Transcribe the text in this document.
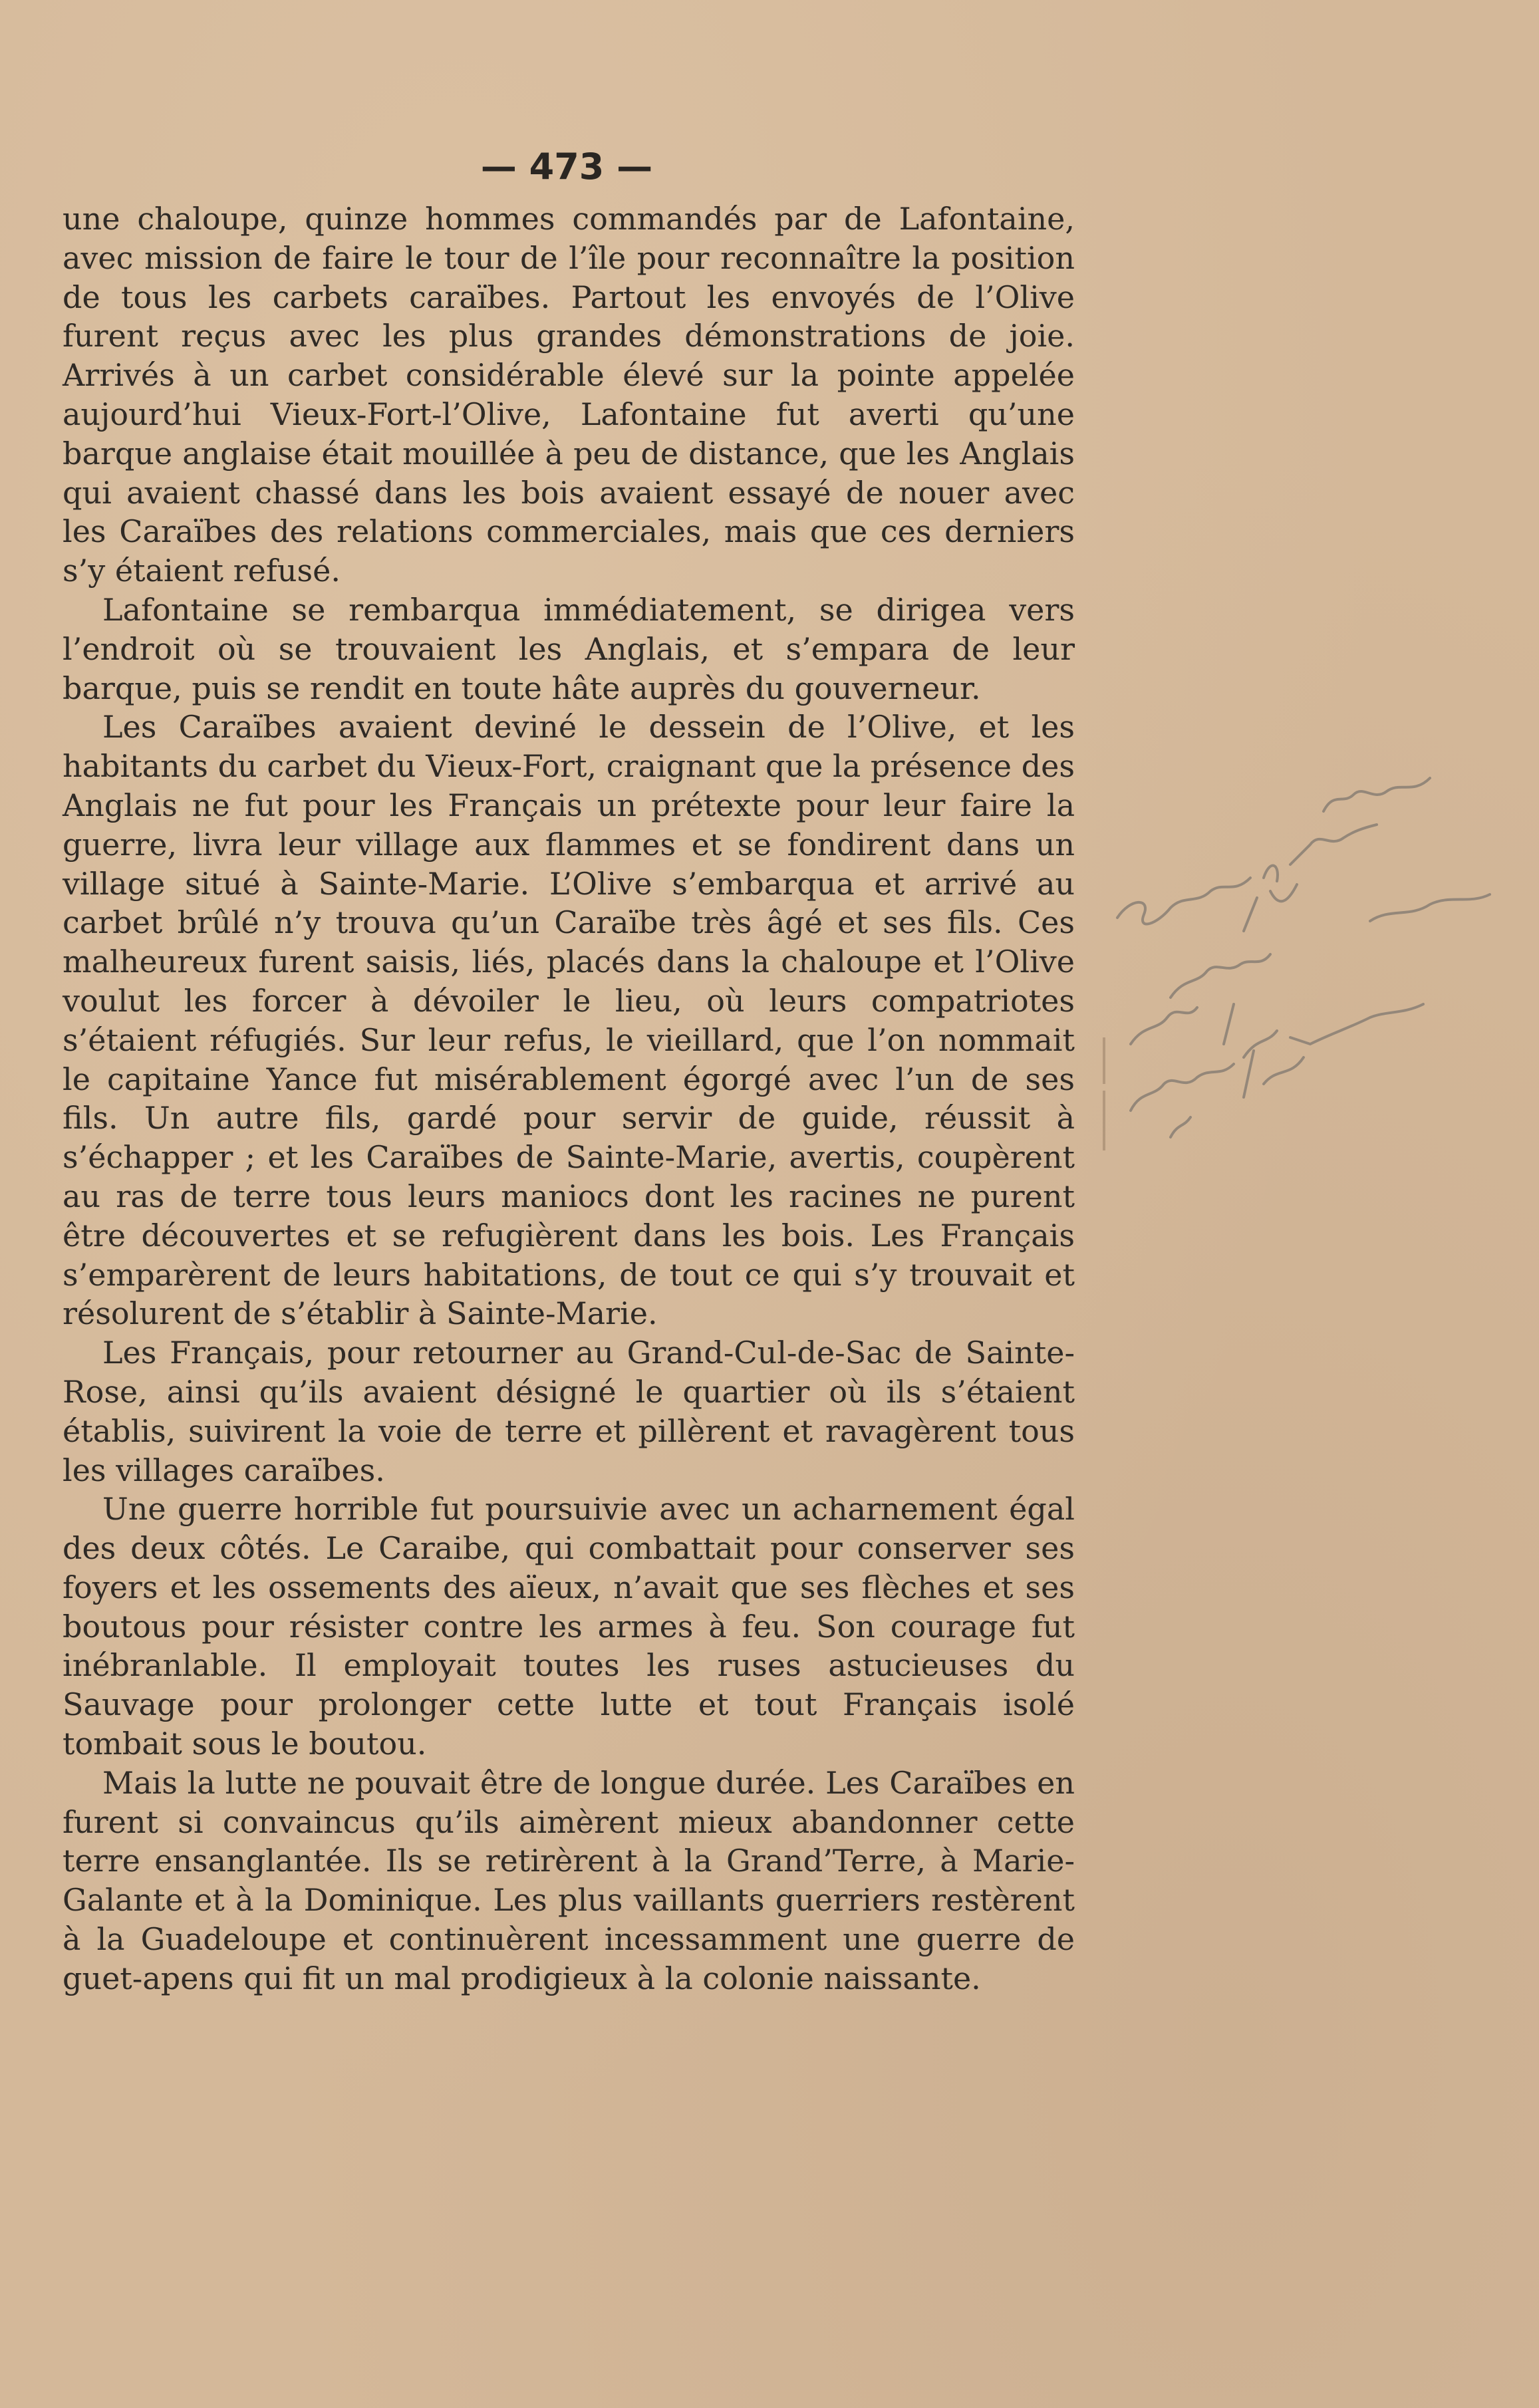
— 473 —

une chaloupe, quinze hommes commandés par de Lafontaine, avec mission de faire le tour de l’île pour reconnaître la position de tous les carbets caraïbes. Partout les envoyés de l’Olive furent reçus avec les plus grandes démonstrations de joie. Arrivés à un carbet considérable élevé sur la pointe appelée aujourd’hui Vieux-Fort-l’Olive, Lafontaine fut averti qu’une barque anglaise était mouillée à peu de distance, que les Anglais qui avaient chassé dans les bois avaient essayé de nouer avec les Caraïbes des relations commerciales, mais que ces derniers s’y étaient refusé.

Lafontaine se rembarqua immédiatement, se dirigea vers l’endroit où se trouvaient les Anglais, et s’empara de leur barque, puis se rendit en toute hâte auprès du gouverneur.

Les Caraïbes avaient deviné le dessein de l’Olive, et les habitants du carbet du Vieux-Fort, craignant que la présence des Anglais ne fut pour les Français un prétexte pour leur faire la guerre, livra leur village aux flammes et se fondirent dans un village situé à Sainte-Marie. L’Olive s’embarqua et arrivé au carbet brûlé n’y trouva qu’un Caraïbe très âgé et ses fils. Ces malheureux furent saisis, liés, placés dans la chaloupe et l’Olive voulut les forcer à dévoiler le lieu, où leurs compatriotes s’étaient réfugiés. Sur leur refus, le vieillard, que l’on nommait le capitaine Yance fut misérablement égorgé avec l’un de ses fils. Un autre fils, gardé pour servir de guide, réussit à s’échapper ; et les Caraïbes de Sainte-Marie, avertis, coupèrent au ras de terre tous leurs maniocs dont les racines ne purent être découvertes et se refugièrent dans les bois. Les Français s’emparèrent de leurs habitations, de tout ce qui s’y trouvait et résolurent de s’établir à Sainte-Marie.

Les Français, pour retourner au Grand-Cul-de-Sac de Sainte-Rose, ainsi qu’ils avaient désigné le quartier où ils s’étaient établis, suivirent la voie de terre et pillèrent et ravagèrent tous les villages caraïbes.

Une guerre horrible fut poursuivie avec un acharnement égal des deux côtés. Le Caraibe, qui combattait pour conserver ses foyers et les ossements des aïeux, n’avait que ses flèches et ses boutous pour résister contre les armes à feu. Son courage fut inébranlable. Il employait toutes les ruses astucieuses du Sauvage pour prolonger cette lutte et tout Français isolé tombait sous le boutou.

Mais la lutte ne pouvait être de longue durée. Les Caraïbes en furent si convaincus qu’ils aimèrent mieux abandonner cette terre ensanglantée. Ils se retirèrent à la Grand’Terre, à Marie-Galante et à la Dominique. Les plus vaillants guerriers restèrent à la Guadeloupe et continuèrent incessamment une guerre de guet-apens qui fit un mal prodigieux à la colonie naissante.
